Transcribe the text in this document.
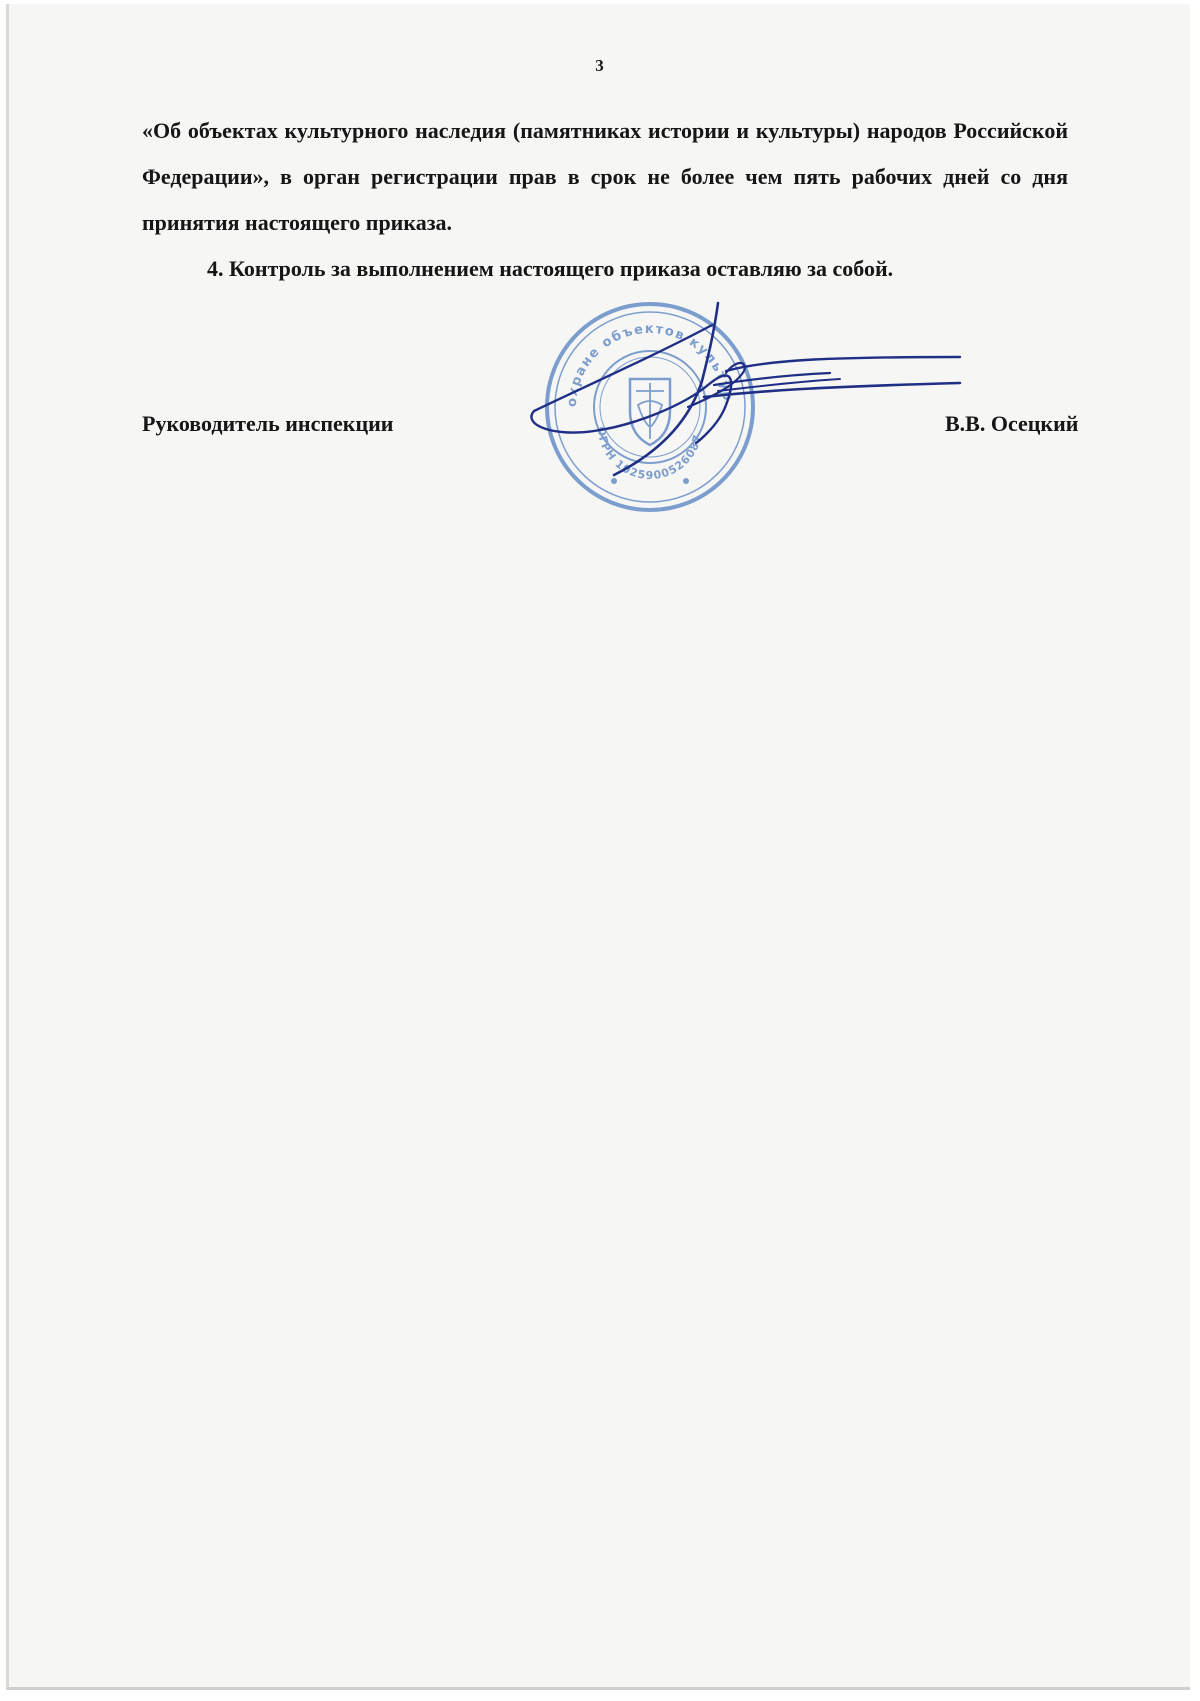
3

«Об объектах культурного наследия (памятниках истории и культуры) народов Российской Федерации», в орган регистрации прав в срок не более чем пять рабочих дней со дня принятия настоящего приказа.

4. Контроль за выполнением настоящего приказа оставляю за собой.

Руководитель инспекции
охране объектов культурного наследия
ОГРН 1025900526087
В.В. Осецкий
